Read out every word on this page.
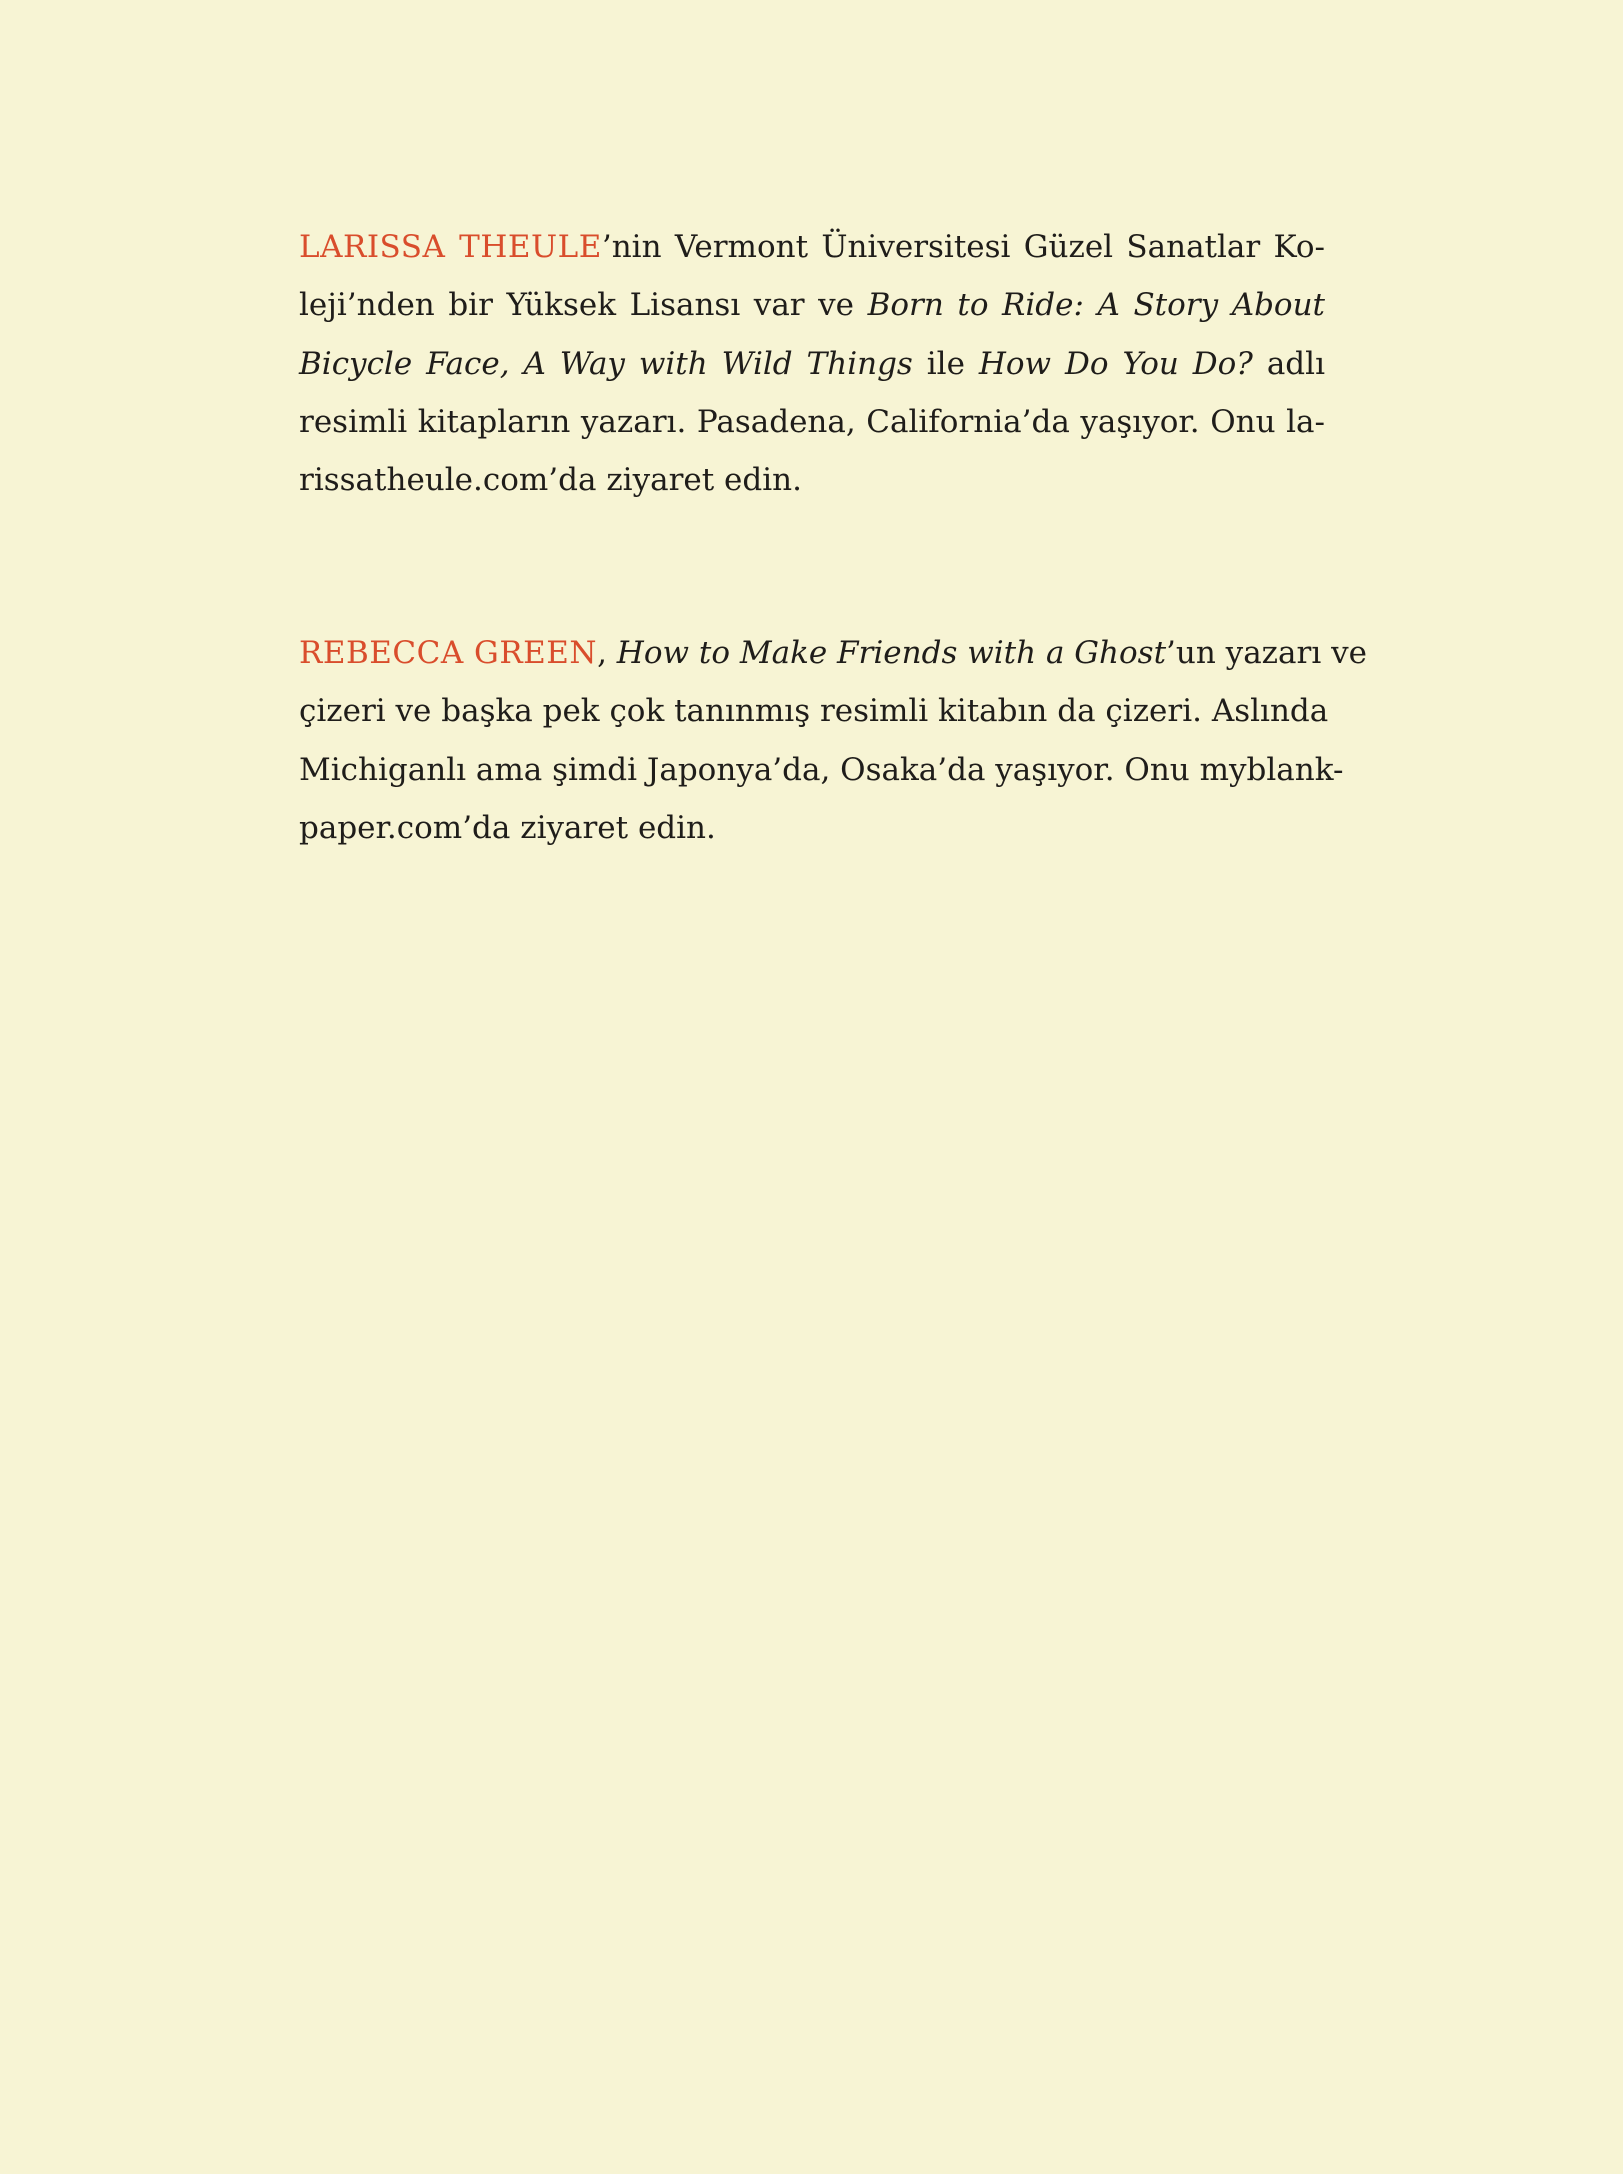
LARISSA THEULE’nin Vermont Üniversitesi Güzel Sanatlar Ko-
leji’nden bir Yüksek Lisansı var ve Born to Ride: A Story About
Bicycle Face, A Way with Wild Things ile How Do You Do? adlı
resimli kitapların yazarı. Pasadena, California’da yaşıyor. Onu la-
rissatheule.com’da ziyaret edin.
REBECCA GREEN, How to Make Friends with a Ghost’un yazarı ve
çizeri ve başka pek çok tanınmış resimli kitabın da çizeri. Aslında
Michiganlı ama şimdi Japonya’da, Osaka’da yaşıyor. Onu myblank-
paper.com’da ziyaret edin.
